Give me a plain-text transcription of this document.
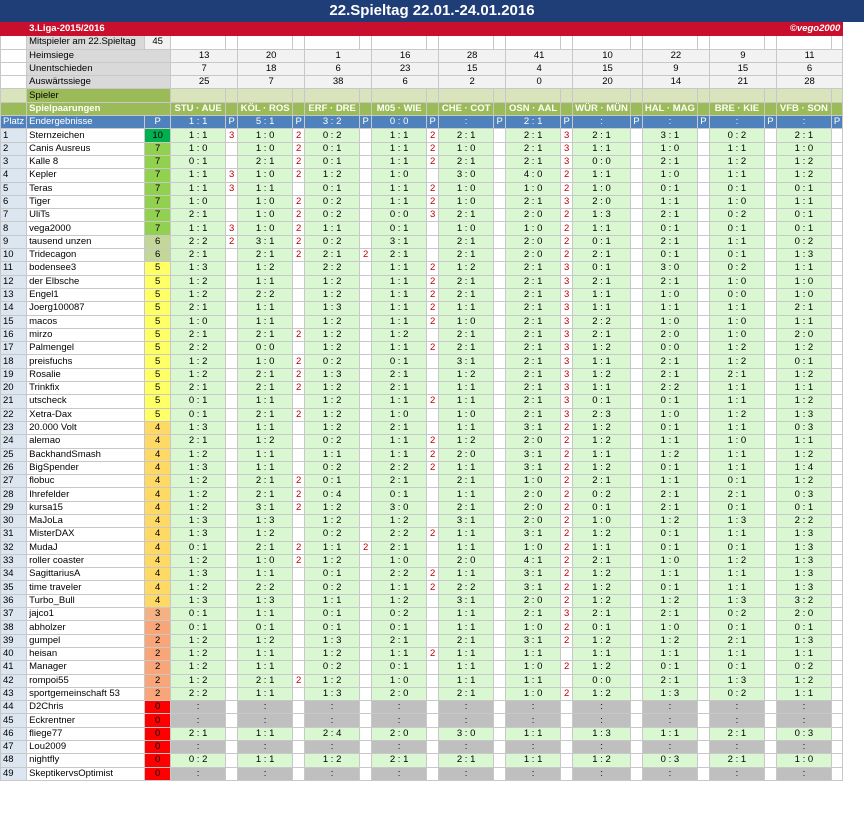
22.Spieltag 22.01.-24.01.2016
	3.Liga-2015/2016		©vego2000																			
	Mitspieler am 22.Spieltag	45																				
	Heimsiege		13		20		1		16		28		41		10		22		9		11	
	Unentschieden		7		18		6		23		15		4		15		9		15		6	
	Auswärtssiege		25		7		38		6		2		0		20		14		21		28	
	Spieler																					
	Spielpaarungen		STU · AUE		KÖL · ROS		ERF · DRE		M05 · WIE		CHE · COT		OSN · AAL		WÜR · MÜN		HAL · MAG		BRE · KIE		VFB · SON	
Platz	Endergebnisse	P	1 : 1	P	5 : 1	P	3 : 2	P	0 : 0	P	:	P	2 : 1	P	:	P	:	P	:	P	:	P
1	Sternzeichen	10	1 : 1	3	1 : 0	2	0 : 2		1 : 1	2	2 : 1		2 : 1	3	2 : 1		3 : 1		0 : 2		2 : 1	
2	Canis Ausreus	7	1 : 0		1 : 0	2	0 : 1		1 : 1	2	1 : 0		2 : 1	3	1 : 1		1 : 0		1 : 1		1 : 0	
3	Kalle 8	7	0 : 1		2 : 1	2	0 : 1		1 : 1	2	2 : 1		2 : 1	3	0 : 0		2 : 1		1 : 2		1 : 2	
4	Kepler	7	1 : 1	3	1 : 0	2	1 : 2		1 : 0		3 : 0		4 : 0	2	1 : 1		1 : 0		1 : 1		1 : 2	
5	Teras	7	1 : 1	3	1 : 1		0 : 1		1 : 1	2	1 : 0		1 : 0	2	1 : 0		0 : 1		0 : 1		0 : 1	
6	Tiger	7	1 : 0		1 : 0	2	0 : 2		1 : 1	2	1 : 0		2 : 1	3	2 : 0		1 : 1		1 : 0		1 : 1	
7	UliTs	7	2 : 1		1 : 0	2	0 : 2		0 : 0	3	2 : 1		2 : 0	2	1 : 3		2 : 1		0 : 2		0 : 1	
8	vega2000	7	1 : 1	3	1 : 0	2	1 : 1		0 : 1		1 : 0		1 : 0	2	1 : 1		0 : 1		0 : 1		0 : 1	
9	tausend unzen	6	2 : 2	2	3 : 1	2	0 : 2		3 : 1		2 : 1		2 : 0	2	0 : 1		2 : 1		1 : 1		0 : 2	
10	Tridecagon	6	2 : 1		2 : 1	2	2 : 1	2	2 : 1		2 : 1		2 : 0	2	2 : 1		0 : 1		0 : 1		1 : 3	
11	bodensee3	5	1 : 3		1 : 2		2 : 2		1 : 1	2	1 : 2		2 : 1	3	0 : 1		3 : 0		0 : 2		1 : 1	
12	der Elbsche	5	1 : 2		1 : 1		1 : 2		1 : 1	2	2 : 1		2 : 1	3	2 : 1		2 : 1		1 : 0		1 : 0	
13	Engel1	5	1 : 2		2 : 2		1 : 2		1 : 1	2	2 : 1		2 : 1	3	1 : 1		1 : 0		0 : 0		1 : 0	
14	Joerg100087	5	2 : 1		1 : 1		1 : 3		1 : 1	2	1 : 1		2 : 1	3	1 : 1		1 : 1		1 : 1		2 : 1	
15	macos	5	1 : 0		1 : 1		1 : 2		1 : 1	2	1 : 0		2 : 1	3	2 : 2		1 : 0		1 : 0		1 : 1	
16	mirzo	5	2 : 1		2 : 1	2	1 : 2		1 : 2		2 : 1		2 : 1	3	2 : 1		2 : 0		1 : 0		2 : 0	
17	Palmengel	5	2 : 2		0 : 0		1 : 2		1 : 1	2	2 : 1		2 : 1	3	1 : 2		0 : 0		1 : 2		1 : 2	
18	preisfuchs	5	1 : 2		1 : 0	2	0 : 2		0 : 1		3 : 1		2 : 1	3	1 : 1		2 : 1		1 : 2		0 : 1	
19	Rosalie	5	1 : 2		2 : 1	2	1 : 3		2 : 1		1 : 2		2 : 1	3	1 : 2		2 : 1		2 : 1		1 : 2	
20	Trinkfix	5	2 : 1		2 : 1	2	1 : 2		2 : 1		1 : 1		2 : 1	3	1 : 1		2 : 2		1 : 1		1 : 1	
21	utscheck	5	0 : 1		1 : 1		1 : 2		1 : 1	2	1 : 1		2 : 1	3	0 : 1		0 : 1		1 : 1		1 : 2	
22	Xetra-Dax	5	0 : 1		2 : 1	2	1 : 2		1 : 0		1 : 0		2 : 1	3	2 : 3		1 : 0		1 : 2		1 : 3	
23	20.000 Volt	4	1 : 3		1 : 1		1 : 2		2 : 1		1 : 1		3 : 1	2	1 : 2		0 : 1		1 : 1		0 : 3	
24	alemao	4	2 : 1		1 : 2		0 : 2		1 : 1	2	1 : 2		2 : 0	2	1 : 2		1 : 1		1 : 0		1 : 1	
25	BackhandSmash	4	1 : 2		1 : 1		1 : 1		1 : 1	2	2 : 0		3 : 1	2	1 : 1		1 : 2		1 : 1		1 : 2	
26	BigSpender	4	1 : 3		1 : 1		0 : 2		2 : 2	2	1 : 1		3 : 1	2	1 : 2		0 : 1		1 : 1		1 : 4	
27	flobuc	4	1 : 2		2 : 1	2	0 : 1		2 : 1		2 : 1		1 : 0	2	2 : 1		1 : 1		0 : 1		1 : 2	
28	Ihrefelder	4	1 : 2		2 : 1	2	0 : 4		0 : 1		1 : 1		2 : 0	2	0 : 2		2 : 1		2 : 1		0 : 3	
29	kursa15	4	1 : 2		3 : 1	2	1 : 2		3 : 0		2 : 1		2 : 0	2	0 : 1		2 : 1		0 : 1		0 : 1	
30	MaJoLa	4	1 : 3		1 : 3		1 : 2		1 : 2		3 : 1		2 : 0	2	1 : 0		1 : 2		1 : 3		2 : 2	
31	MisterDAX	4	1 : 3		1 : 2		0 : 2		2 : 2	2	1 : 1		3 : 1	2	1 : 2		0 : 1		1 : 1		1 : 3	
32	MudaJ	4	0 : 1		2 : 1	2	1 : 1	2	2 : 1		1 : 1		1 : 0	2	1 : 1		0 : 1		0 : 1		1 : 3	
33	roller coaster	4	1 : 2		1 : 0	2	1 : 2		1 : 0		2 : 0		4 : 1	2	2 : 1		1 : 0		1 : 2		1 : 3	
34	SagittariusA	4	1 : 3		1 : 1		0 : 1		2 : 2	2	1 : 1		3 : 1	2	1 : 2		1 : 1		1 : 1		1 : 3	
35	time traveler	4	1 : 2		2 : 2		0 : 2		1 : 1	2	2 : 2		3 : 1	2	1 : 2		0 : 1		1 : 1		1 : 3	
36	Turbo_Bull	4	1 : 3		1 : 3		1 : 1		1 : 2		3 : 1		2 : 0	2	1 : 2		1 : 2		1 : 3		3 : 2	
37	jajco1	3	0 : 1		1 : 1		0 : 1		0 : 2		1 : 1		2 : 1	3	2 : 1		2 : 1		0 : 2		2 : 0	
38	abholzer	2	0 : 1		0 : 1		0 : 1		0 : 1		1 : 1		1 : 0	2	0 : 1		1 : 0		0 : 1		0 : 1	
39	gumpel	2	1 : 2		1 : 2		1 : 3		2 : 1		2 : 1		3 : 1	2	1 : 2		1 : 2		2 : 1		1 : 3	
40	heisan	2	1 : 2		1 : 1		1 : 2		1 : 1	2	1 : 1		1 : 1		1 : 1		1 : 1		1 : 1		1 : 1	
41	Manager	2	1 : 2		1 : 1		0 : 2		0 : 1		1 : 1		1 : 0	2	1 : 2		0 : 1		0 : 1		0 : 2	
42	rompoi55	2	1 : 2		2 : 1	2	1 : 2		1 : 0		1 : 1		1 : 1		0 : 0		2 : 1		1 : 3		1 : 2	
43	sportgemeinschaft 53	2	2 : 2		1 : 1		1 : 3		2 : 0		2 : 1		1 : 0	2	1 : 2		1 : 3		0 : 2		1 : 1	
44	D2Chris	0	:		:		:		:		:		:		:		:		:		:	
45	Eckrentner	0	:		:		:		:		:		:		:		:		:		:	
46	fliege77	0	2 : 1		1 : 1		2 : 4		2 : 0		3 : 0		1 : 1		1 : 3		1 : 1		2 : 1		0 : 3	
47	Lou2009	0	:		:		:		:		:		:		:		:		:		:	
48	nightfly	0	0 : 2		1 : 1		1 : 2		2 : 1		2 : 1		1 : 1		1 : 2		0 : 3		2 : 1		1 : 0	
49	SkeptikervsOptimist	0	:		:		:		:		:		:		:		:		:		:	
